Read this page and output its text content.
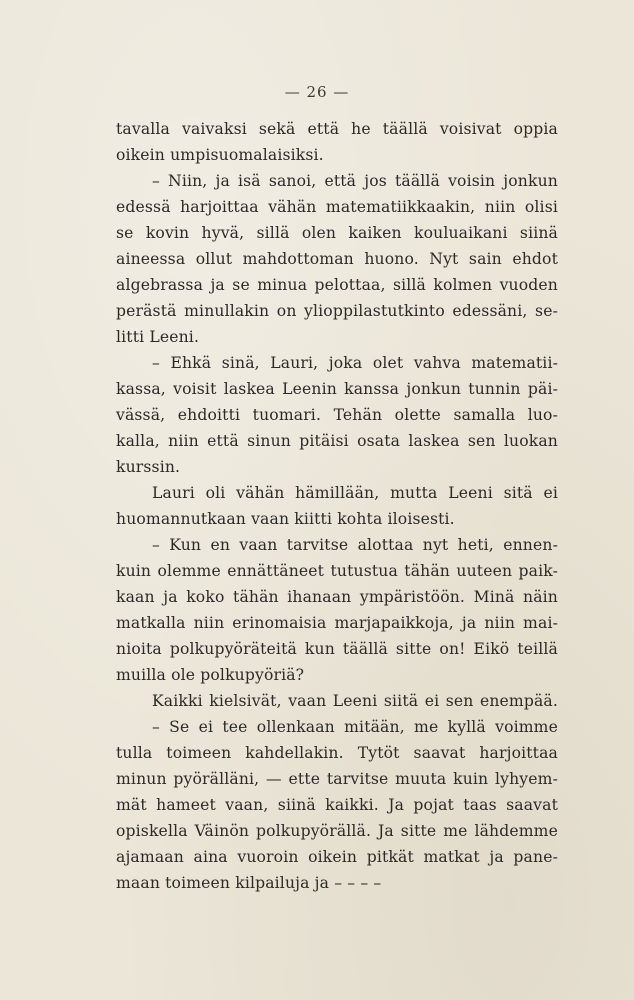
— 26 —
tavalla vaivaksi sekä että he täällä voisivat oppia
oikein umpisuomalaisiksi.
– Niin, ja isä sanoi, että jos täällä voisin jonkun
edessä harjoittaa vähän matematiikkaakin, niin olisi
se kovin hyvä, sillä olen kaiken kouluaikani siinä
aineessa ollut mahdottoman huono. Nyt sain ehdot
algebrassa ja se minua pelottaa, sillä kolmen vuoden
perästä minullakin on ylioppilastutkinto edessäni, se-
litti Leeni.
– Ehkä sinä, Lauri, joka olet vahva matematii-
kassa, voisit laskea Leenin kanssa jonkun tunnin päi-
vässä, ehdoitti tuomari. Tehän olette samalla luo-
kalla, niin että sinun pitäisi osata laskea sen luokan
kurssin.
Lauri oli vähän hämillään, mutta Leeni sitä ei
huomannutkaan vaan kiitti kohta iloisesti.
– Kun en vaan tarvitse alottaa nyt heti, ennen-
kuin olemme ennättäneet tutustua tähän uuteen paik-
kaan ja koko tähän ihanaan ympäristöön. Minä näin
matkalla niin erinomaisia marjapaikkoja, ja niin mai-
nioita polkupyöräteitä kun täällä sitte on! Eikö teillä
muilla ole polkupyöriä?
Kaikki kielsivät, vaan Leeni siitä ei sen enempää.
– Se ei tee ollenkaan mitään, me kyllä voimme
tulla toimeen kahdellakin. Tytöt saavat harjoittaa
minun pyörälläni, — ette tarvitse muuta kuin lyhyem-
mät hameet vaan, siinä kaikki. Ja pojat taas saavat
opiskella Väinön polkupyörällä. Ja sitte me lähdemme
ajamaan aina vuoroin oikein pitkät matkat ja pane-
maan toimeen kilpailuja ja – – – –
